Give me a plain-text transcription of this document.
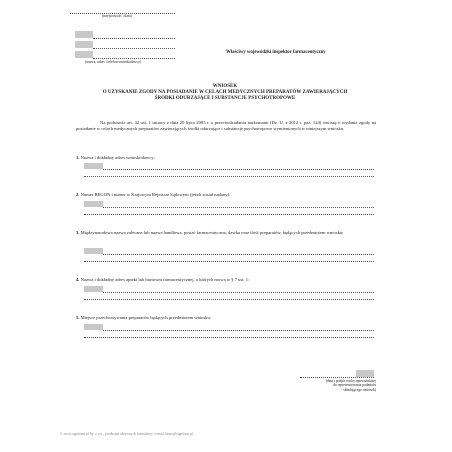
(miejscowość i data)
(nazwa, adres i telefon wnioskodawcy)
Właściwy wojewódzki inspektor farmaceutyczny
WNIOSEK
O UZYSKANIE ZGODY NA POSIADANIE W CELACH MEDYCZNYCH PREPARATÓW ZAWIERAJĄCYCH
ŚRODKI ODURZAJĄCE I SUBSTANCJE PSYCHOTROPOWE
Na podstawie art. 42 ust. 1 ustawy z dnia 29 lipca 2005 r. o przeciwdziałaniu narkomanii (Dz. U. z 2012 r. poz. 124) wnoszę o wydanie zgody na posiadanie w celach medycznych preparatów zawierających środki odurzające i substancje psychotropowe wymienionych w niniejszym wniosku.
1. Nazwa i dokładny adres wnioskodawcy:
2. Numer REGON i numer w Krajowym Rejestrze Sądowym (jeżeli został nadany):
3. Międzynarodowa nazwa zalecana lub nazwa handlowa, postać farmaceutyczna, dawka oraz ilość preparatów, będących przedmiotem wniosku:
4. Nazwa i dokładny adres apteki lub hurtowni farmaceutycznej, o których mowa w § 7 ust. 1:
5. Miejsce przechowywania preparatów będących przedmiotem wniosku:
(data i podpis osoby upoważnionej
do reprezentowania podmiotu
składającego wniosek)
© www.signform.pl Sp. z o.o., producent aktywnych formularzy, e-mail: biuro@signform.pl
